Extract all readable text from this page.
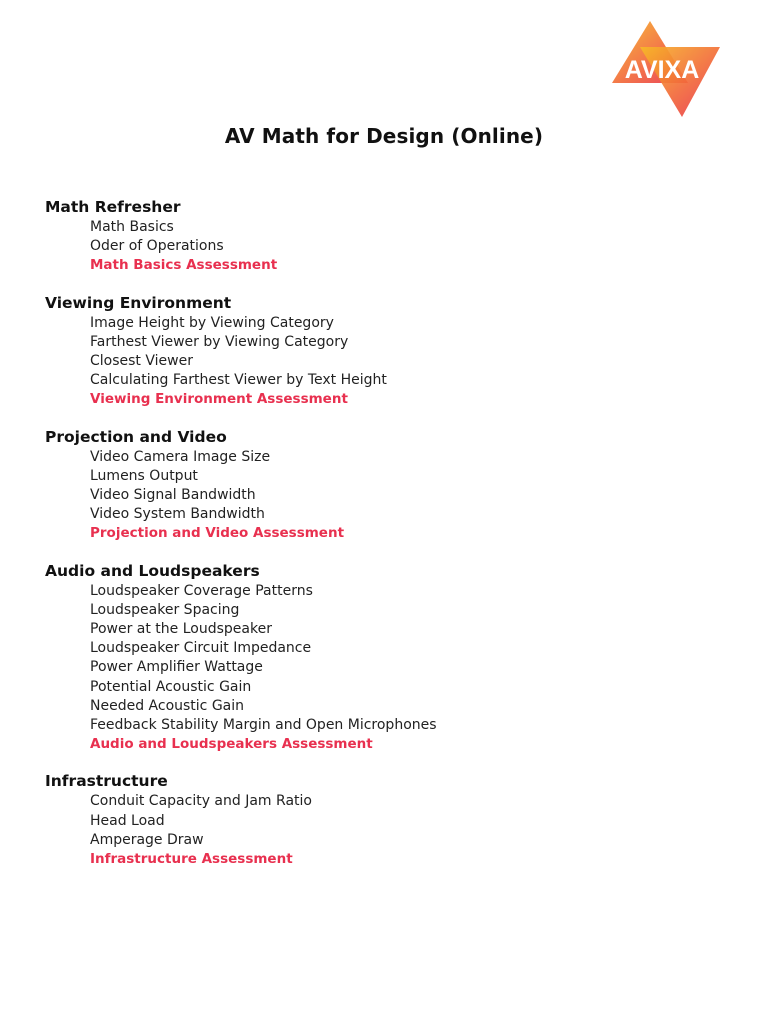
AVIXA
AV Math for Design (Online)
Math Refresher
Math Basics
Oder of Operations
Math Basics Assessment
Viewing Environment
Image Height by Viewing Category
Farthest Viewer by Viewing Category
Closest Viewer
Calculating Farthest Viewer by Text Height
Viewing Environment Assessment
Projection and Video
Video Camera Image Size
Lumens Output
Video Signal Bandwidth
Video System Bandwidth
Projection and Video Assessment
Audio and Loudspeakers
Loudspeaker Coverage Patterns
Loudspeaker Spacing
Power at the Loudspeaker
Loudspeaker Circuit Impedance
Power Amplifier Wattage
Potential Acoustic Gain
Needed Acoustic Gain
Feedback Stability Margin and Open Microphones
Audio and Loudspeakers Assessment
Infrastructure
Conduit Capacity and Jam Ratio
Head Load
Amperage Draw
Infrastructure Assessment
